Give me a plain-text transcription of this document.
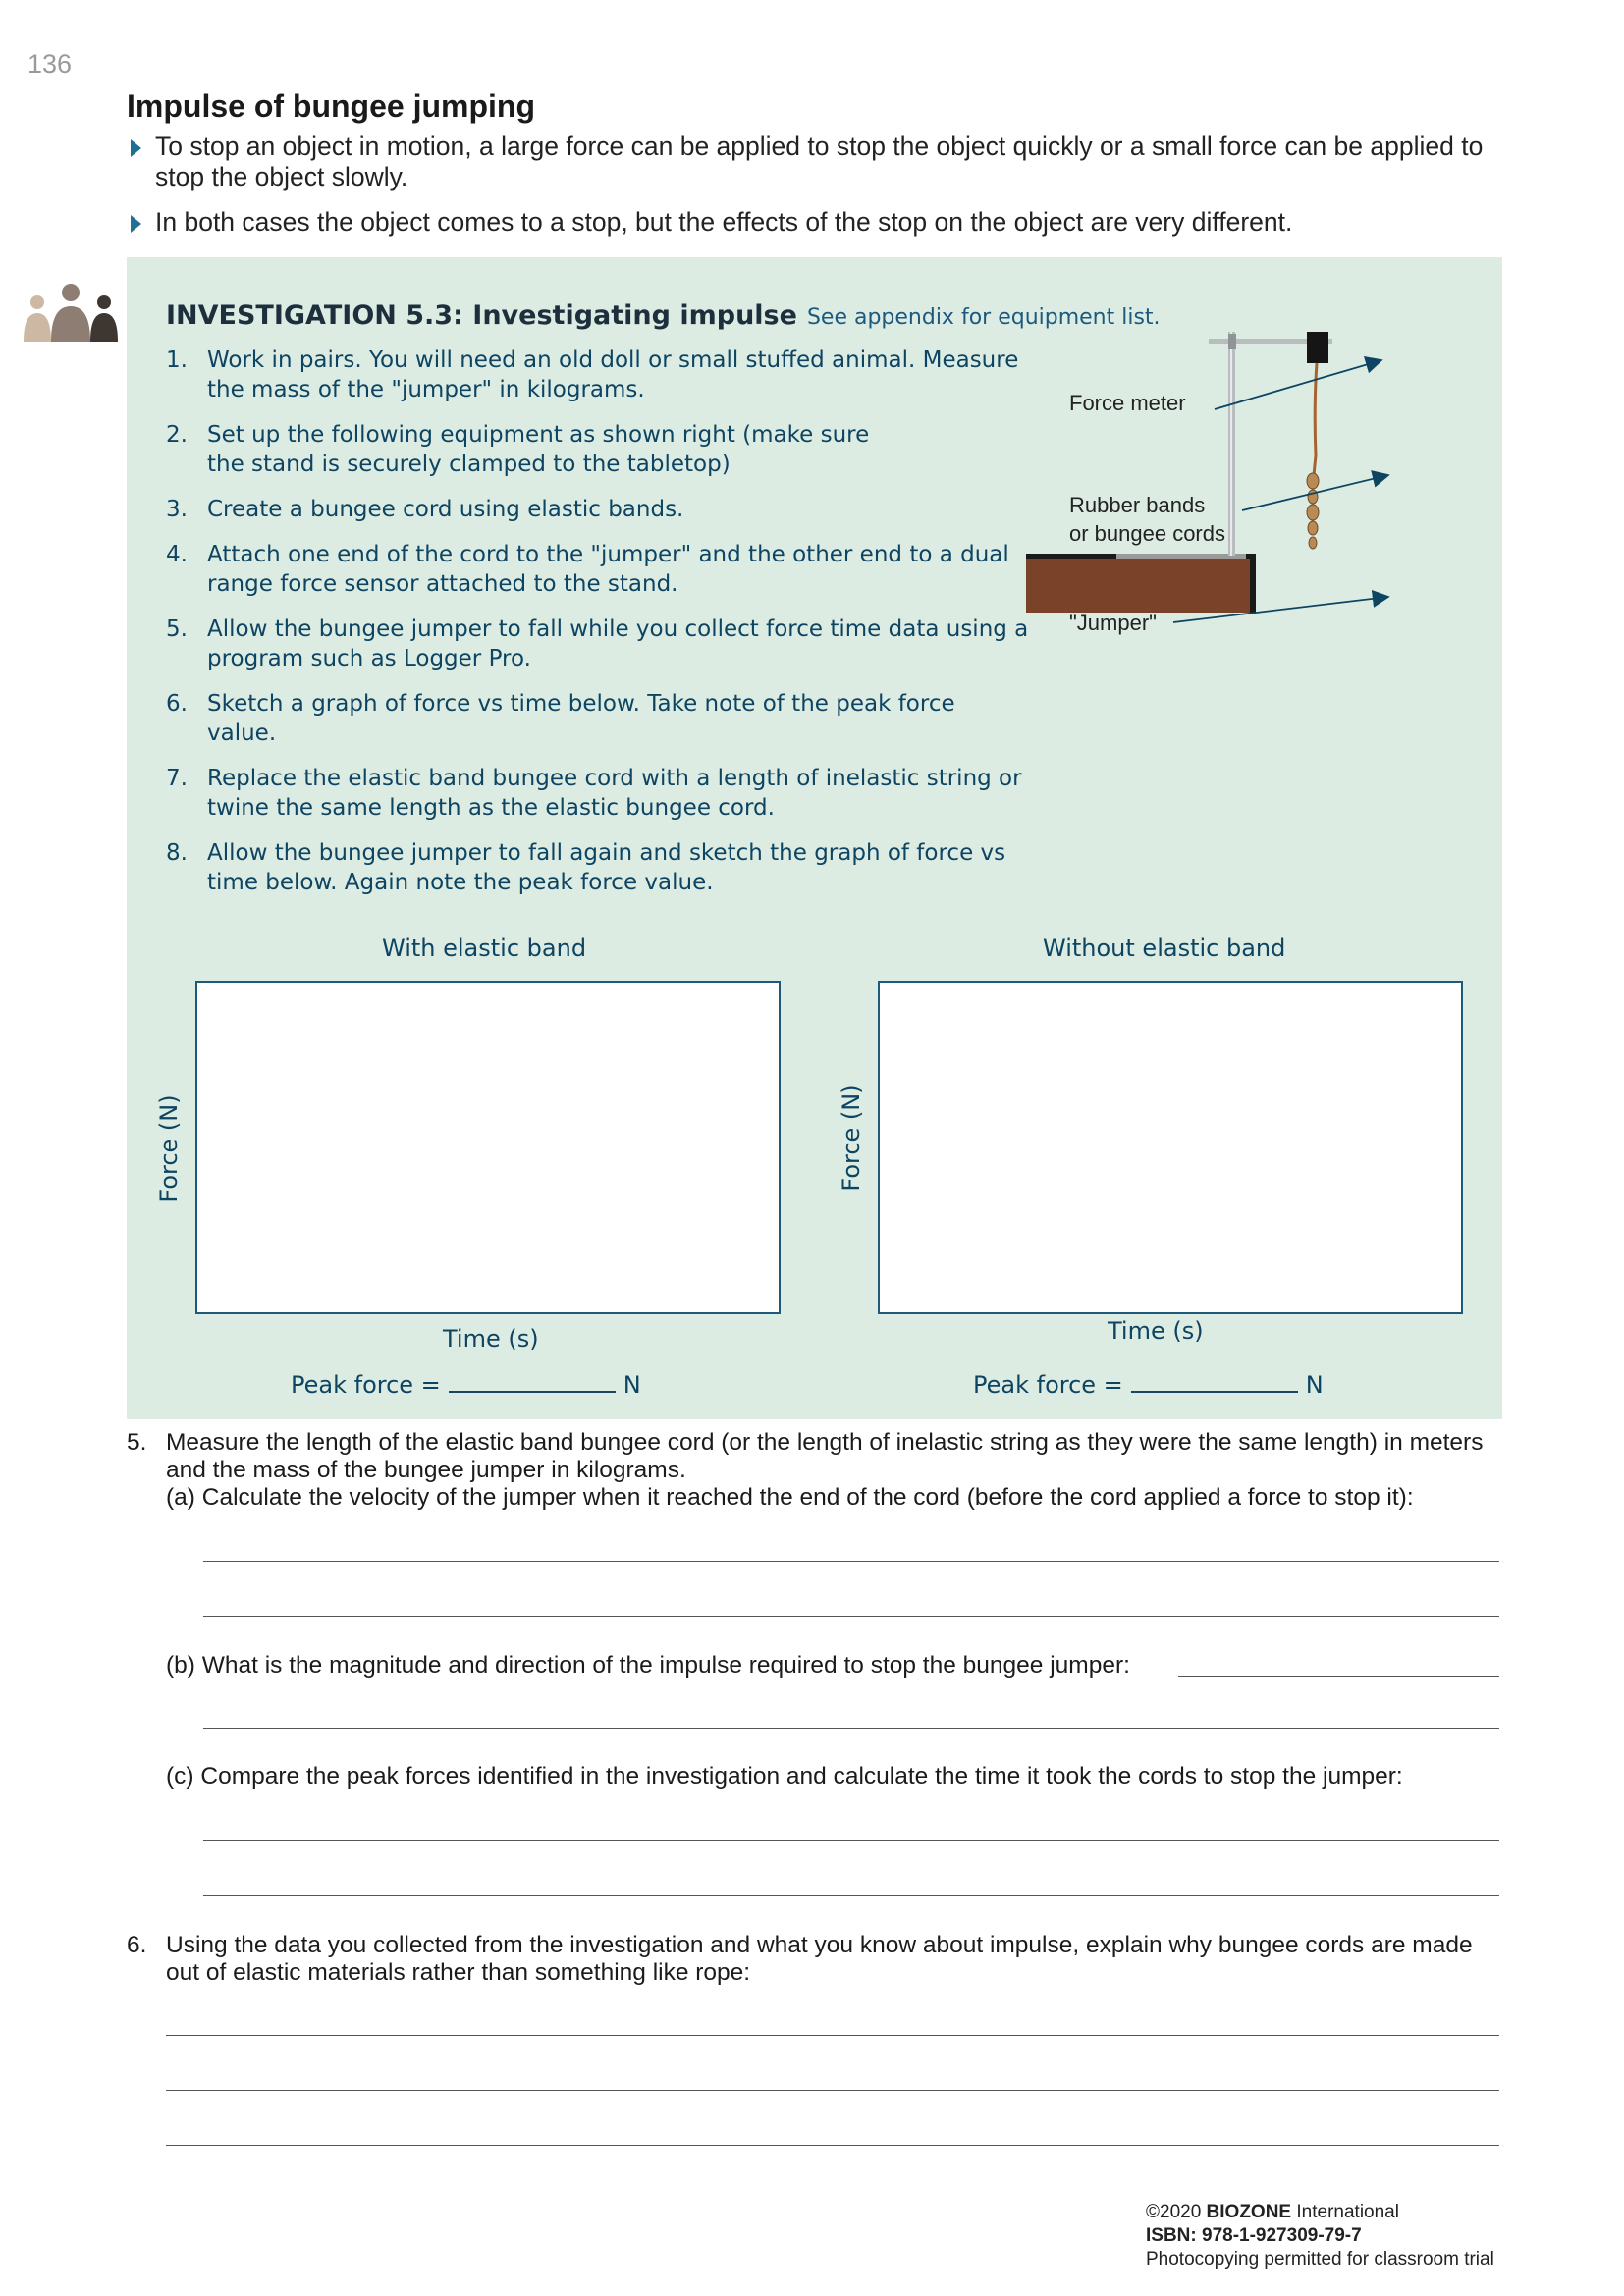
136
Impulse of bungee jumping
To stop an object in motion, a large force can be applied to stop the object quickly or a small force can be applied to stop the object slowly.
In both cases the object comes to a stop, but the effects of the stop on the object are very different.
INVESTIGATION 5.3: Investigating impulse See appendix for equipment list.
1. Work in pairs. You will need an old doll or small stuffed animal. Measure the mass of the "jumper" in kilograms.
2. Set up the following equipment as shown right (make sure the stand is securely clamped to the tabletop)
3. Create a bungee cord using elastic bands.
4. Attach one end of the cord to the "jumper" and the other end to a dual range force sensor attached to the stand.
5. Allow the bungee jumper to fall while you collect force time data using a program such as Logger Pro.
6. Sketch a graph of force vs time below. Take note of the peak force value.
7. Replace the elastic band bungee cord with a length of inelastic string or twine the same length as the elastic bungee cord.
8. Allow the bungee jumper to fall again and sketch the graph of force vs time below. Again note the peak force value.
Force meter
Rubber bands
or bungee cords
"Jumper"
With elastic band
Force (N)
Time (s)
Peak force =	N
Without elastic band
Force (N)
Time (s)
Peak force =	N
5. Measure the length of the elastic band bungee cord (or the length of inelastic string as they were the same length) in meters and the mass of the bungee jumper in kilograms.
(a) Calculate the velocity of the jumper when it reached the end of the cord (before the cord applied a force to stop it):
(b) What is the magnitude and direction of the impulse required to stop the bungee jumper:
(c) Compare the peak forces identified in the investigation and calculate the time it took the cords to stop the jumper:
6. Using the data you collected from the investigation and what you know about impulse, explain why bungee cords are made out of elastic materials rather than something like rope:
©2020 BIOZONE International
ISBN: 978-1-927309-79-7
Photocopying permitted for classroom trial
